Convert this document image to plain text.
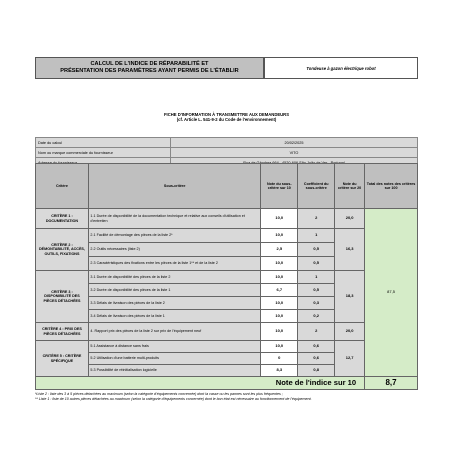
CALCUL DE L'INDICE DE RÉPARABILITÉ ET
PRÉSENTATION DES PARAMÈTRES AYANT PERMIS DE L'ÉTABLIR	Tondeuse à gazon électrique robot
FICHE D'INFORMATION À TRANSMETTRE AUX DEMANDEURS
(cf. Article L. 541-9-2 du Code de l'environnement)
Date du calcul	20/02/2025
Nom ou marque commerciale du fournisseur	VITO

Critère	Sous-critère	Note du sous-critère sur 10	Coefficient du sous-critère	Note du critère sur 20	Total des notes des critères sur 100
CRITÈRE 1 : DOCUMENTATION	1.1 Durée de disponibilité de la documentation technique et relative aux conseils d'utilisation et d'entretien	10,0	2	20,0	87,5
CRITÈRE 2 : DÉMONTABILITÉ, ACCÈS, OUTILS, FIXATIONS	2.1 Facilité de démontage des pièces de la liste 2*	10,0	1	16,3	
	2.2 Outils nécessaires (liste 2)	2,5	0,5		
	2.3 Caractéristiques des fixations entre les pièces de la liste 1** et de la liste 2	10,0	0,5		
CRITÈRE 3 : DISPONIBILITÉ DES PIÈCES DÉTACHÉES	3.1 Durée de disponibilité des pièces de la liste 2	10,0	1	18,3	
	3.2 Durée de disponibilité des pièces de la liste 1	6,7	0,5		
	3.3 Délais de livraison des pièces de la liste 2	10,0	0,3		
	3.4 Délais de livraison des pièces de la liste 1	10,0	0,2		
CRITÈRE 4 : PRIX DES PIÈCES DÉTACHÉES	4. Rapport prix des pièces de la liste 2 sur prix de l'équipement neuf	10,0	2	20,0	
CRITÈRE 5 : CRITÈRE SPÉCIFIQUE	5.1 Assistance à distance sans frais	10,0	0,6	12,7	
	5.2 Utilisation d'une batterie multi-produits	0	0,6		
	5.3 Possibilité de réinitialisation logicielle	8,3	0,8		
Note de l'indice sur 10					8,7
*Liste 2 : liste des 3 à 5 pièces détachées au maximum (selon la catégorie d'équipements concernée) dont la casse ou les pannes sont les plus fréquentes ;
** Liste 1 : liste de 10 autres pièces détachées au maximum (selon la catégorie d'équipements concernée) dont le bon état est nécessaire au fonctionnement de l'équipement.
